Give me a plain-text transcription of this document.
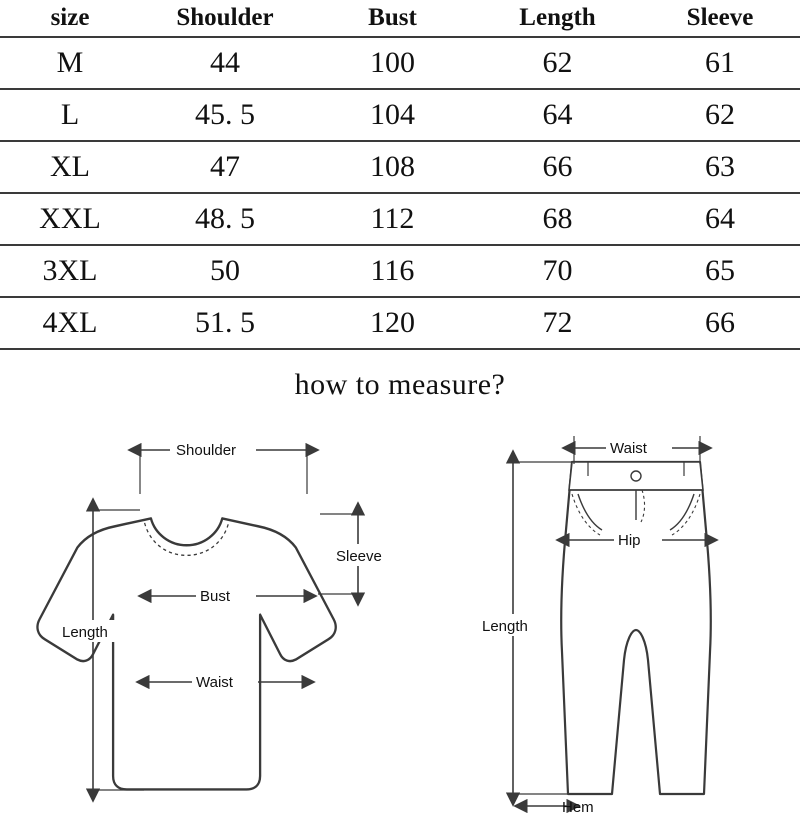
size	Shoulder	Bust	Length	Sleeve
M	44	100	62	61
L	45. 5	104	64	62
XL	47	108	66	63
XXL	48. 5	112	68	64
3XL	50	116	70	65
4XL	51. 5	120	72	66
how to measure?
Shoulder
Sleeve
Bust
Waist
Length
Waist
Hip
Length
Hem
